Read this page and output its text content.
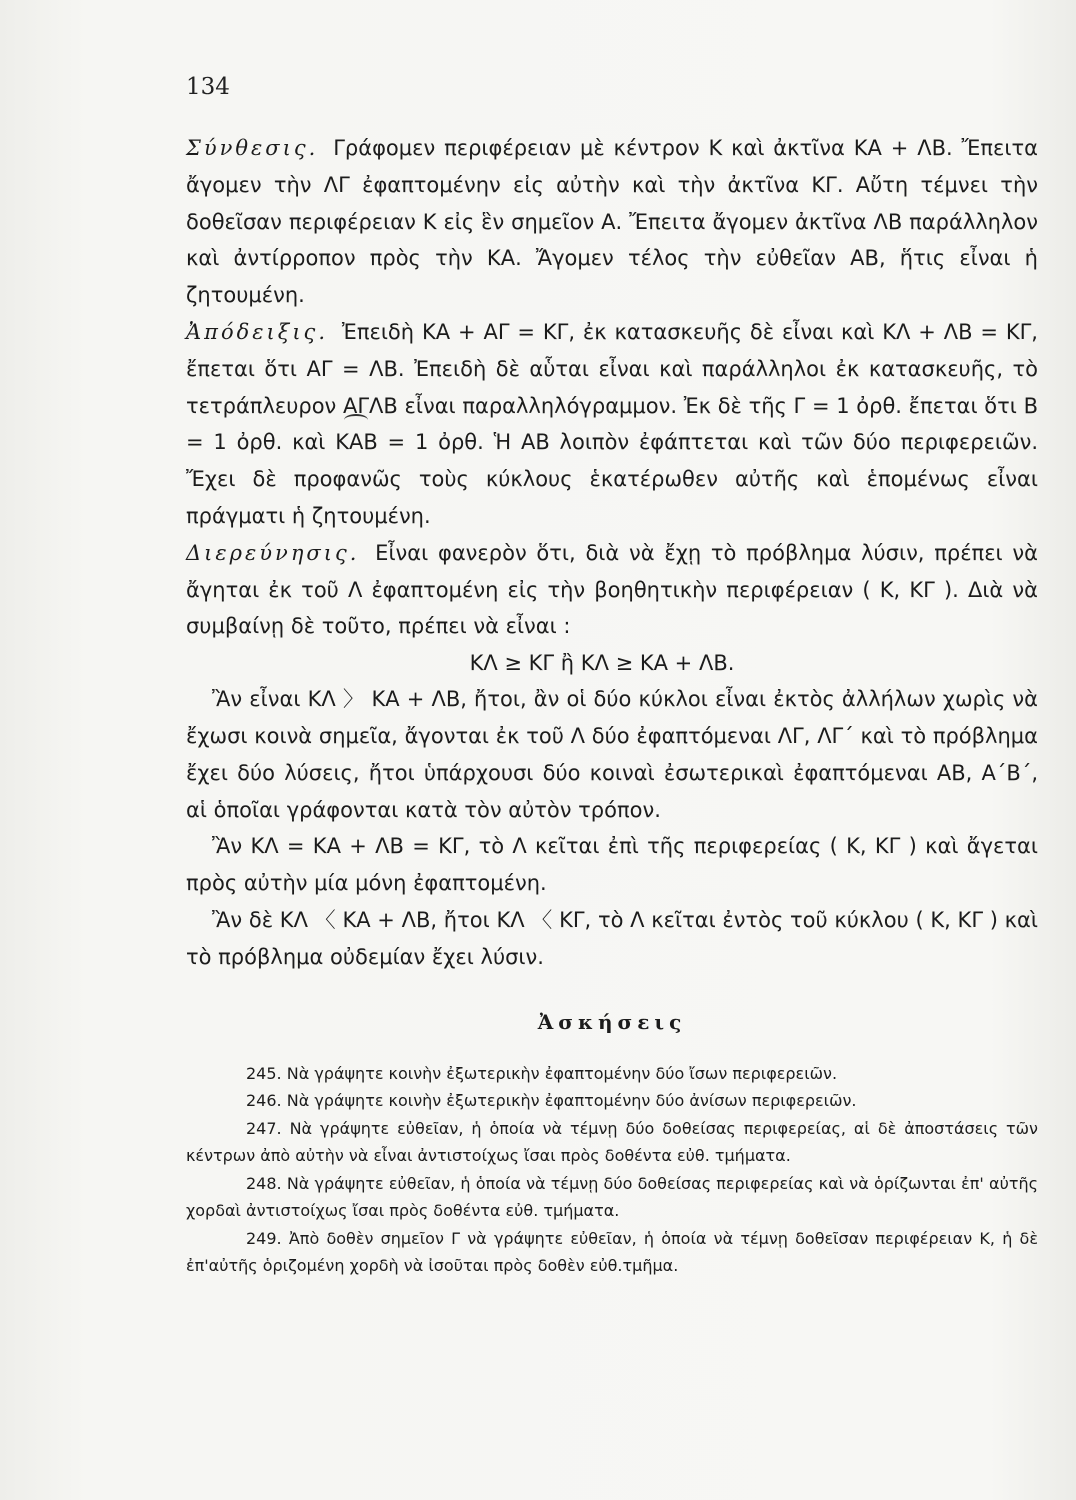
134

Σύνθεσις. Γράφομεν περιφέρειαν μὲ κέντρον Κ καὶ ἀκτῖνα ΚΑ + ΛΒ. Ἔπειτα ἄγομεν τὴν ΛΓ ἐφαπτομένην εἰς αὐτὴν καὶ τὴν ἀκτῖνα ΚΓ. Αὔτη τέμνει τὴν δοθεῖσαν περιφέρειαν Κ εἰς ἓν σημεῖον Α. Ἔπειτα ἄγομεν ἀκτῖνα ΛΒ παράλληλον καὶ ἀντίρροπον πρὸς τὴν ΚΑ. Ἄγομεν τέλος τὴν εὐθεῖαν ΑΒ, ἥτις εἶναι ἡ ζητουμένη.

Ἀπόδειξις. Ἐπειδὴ ΚΑ + ΑΓ = ΚΓ, ἐκ κατασκευῆς δὲ εἶναι καὶ ΚΛ + ΛΒ = ΚΓ, ἔπεται ὅτι ΑΓ = ΛΒ. Ἐπειδὴ δὲ αὗται εἶναι καὶ παράλληλοι ἐκ κατασκευῆς, τὸ τετράπλευρον ΑΓΛΒ εἶναι παραλληλόγραμμον. Ἐκ δὲ τῆς Γ = 1 ὀρθ. ἔπεται ὅτι Β = 1 ὀρθ. καὶ ΚΑΒ = 1 ὀρθ. Ἡ ΑΒ λοιπὸν ἐφάπτεται καὶ τῶν δύο περιφερειῶν. Ἔχει δὲ προφανῶς τοὺς κύκλους ἑκατέρωθεν αὐτῆς καὶ ἑπομένως εἶναι πράγματι ἡ ζητουμένη.

Διερεύνησις. Εἶναι φανερὸν ὅτι, διὰ νὰ ἔχῃ τὸ πρόβλημα λύσιν, πρέπει νὰ ἄγηται ἐκ τοῦ Λ ἐφαπτομένη εἰς τὴν βοηθητικὴν περιφέρειαν ( Κ, ΚΓ ). Διὰ νὰ συμβαίνῃ δὲ τοῦτο, πρέπει νὰ εἶναι :

ΚΛ ≥ ΚΓ ἢ ΚΛ ≥ ΚΑ + ΛΒ.

Ἂν εἶναι ΚΛ 〉 ΚΑ + ΛΒ, ἤτοι, ἂν οἱ δύο κύκλοι εἶναι ἐκτὸς ἀλλήλων χωρὶς νὰ ἔχωσι κοινὰ σημεῖα, ἄγονται ἐκ τοῦ Λ δύο ἐφαπτόμεναι ΛΓ, ΛΓ΄ καὶ τὸ πρόβλημα ἔχει δύο λύσεις, ἤτοι ὑπάρχουσι δύο κοιναὶ ἐσωτερικαὶ ἐφαπτόμεναι ΑΒ, Α΄Β΄, αἱ ὁποῖαι γράφονται κατὰ τὸν αὐτὸν τρόπον.

Ἂν ΚΛ = ΚΑ + ΛΒ = ΚΓ, τὸ Λ κεῖται ἐπὶ τῆς περιφερείας ( Κ, ΚΓ ) καὶ ἄγεται πρὸς αὐτὴν μία μόνη ἐφαπτομένη.

Ἂν δὲ ΚΛ 〈 ΚΑ + ΛΒ, ἤτοι ΚΛ 〈 ΚΓ, τὸ Λ κεῖται ἐντὸς τοῦ κύκλου ( Κ, ΚΓ ) καὶ τὸ πρόβλημα οὐδεμίαν ἔχει λύσιν.

Ἀσκήσεις

245. Νὰ γράψητε κοινὴν ἐξωτερικὴν ἐφαπτομένην δύο ἴσων περιφερειῶν.

246. Νὰ γράψητε κοινὴν ἐξωτερικὴν ἐφαπτομένην δύο ἀνίσων περιφερειῶν.

247. Νὰ γράψητε εὐθεῖαν, ἡ ὁποία νὰ τέμνῃ δύο δοθείσας περιφερείας, αἱ δὲ ἀποστάσεις τῶν κέντρων ἀπὸ αὐτὴν νὰ εἶναι ἀντιστοίχως ἴσαι πρὸς δοθέντα εὐθ. τμήματα.

248. Νὰ γράψητε εὐθεῖαν, ἡ ὁποία νὰ τέμνῃ δύο δοθείσας περιφερείας καὶ νὰ ὁρίζωνται ἐπ' αὐτῆς χορδαὶ ἀντιστοίχως ἴσαι πρὸς δοθέντα εὐθ. τμήματα.

249. Ἀπὸ δοθὲν σημεῖον Γ νὰ γράψητε εὐθεῖαν, ἡ ὁποία νὰ τέμνῃ δοθεῖσαν περιφέρειαν Κ, ἡ δὲ ἐπ'αὐτῆς ὁριζομένη χορδὴ νὰ ἰσοῦται πρὸς δοθὲν εὐθ.τμῆμα.
